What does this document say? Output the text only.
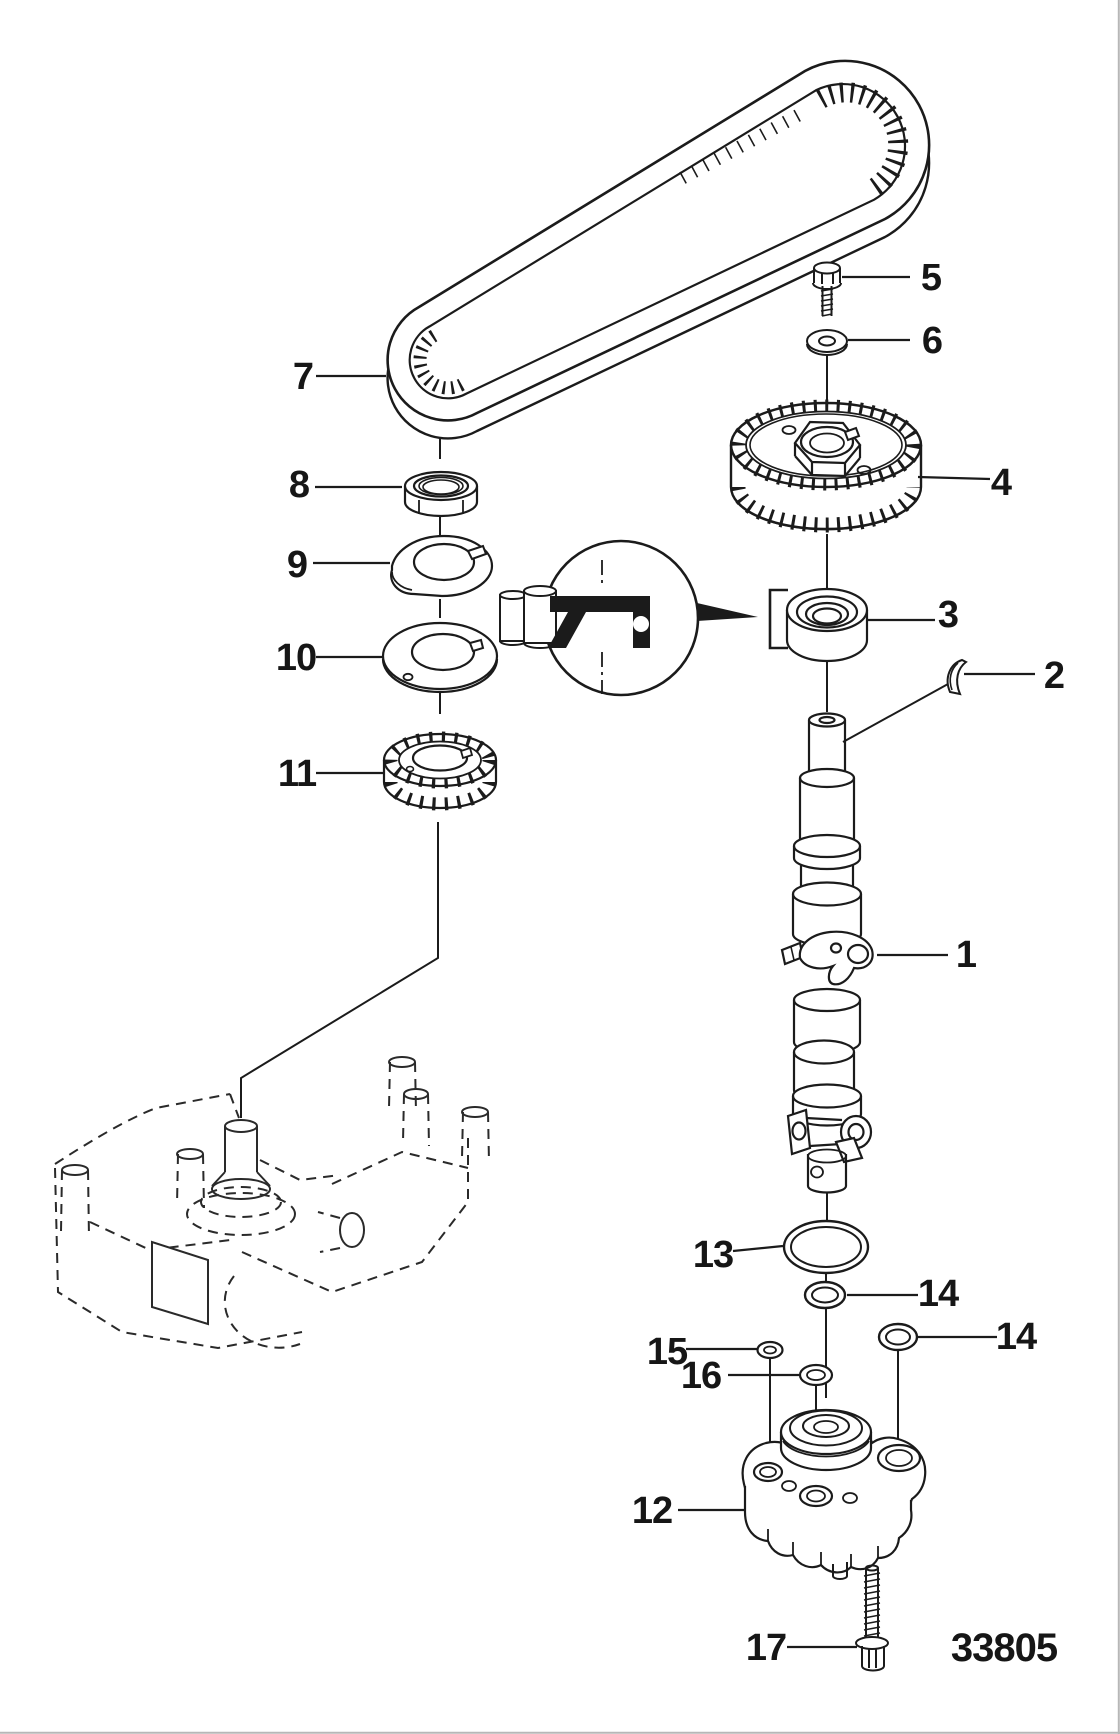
1
2
3
4
5
6
7
8
9
10
11
12
13
14
14
15
16
17	33805
